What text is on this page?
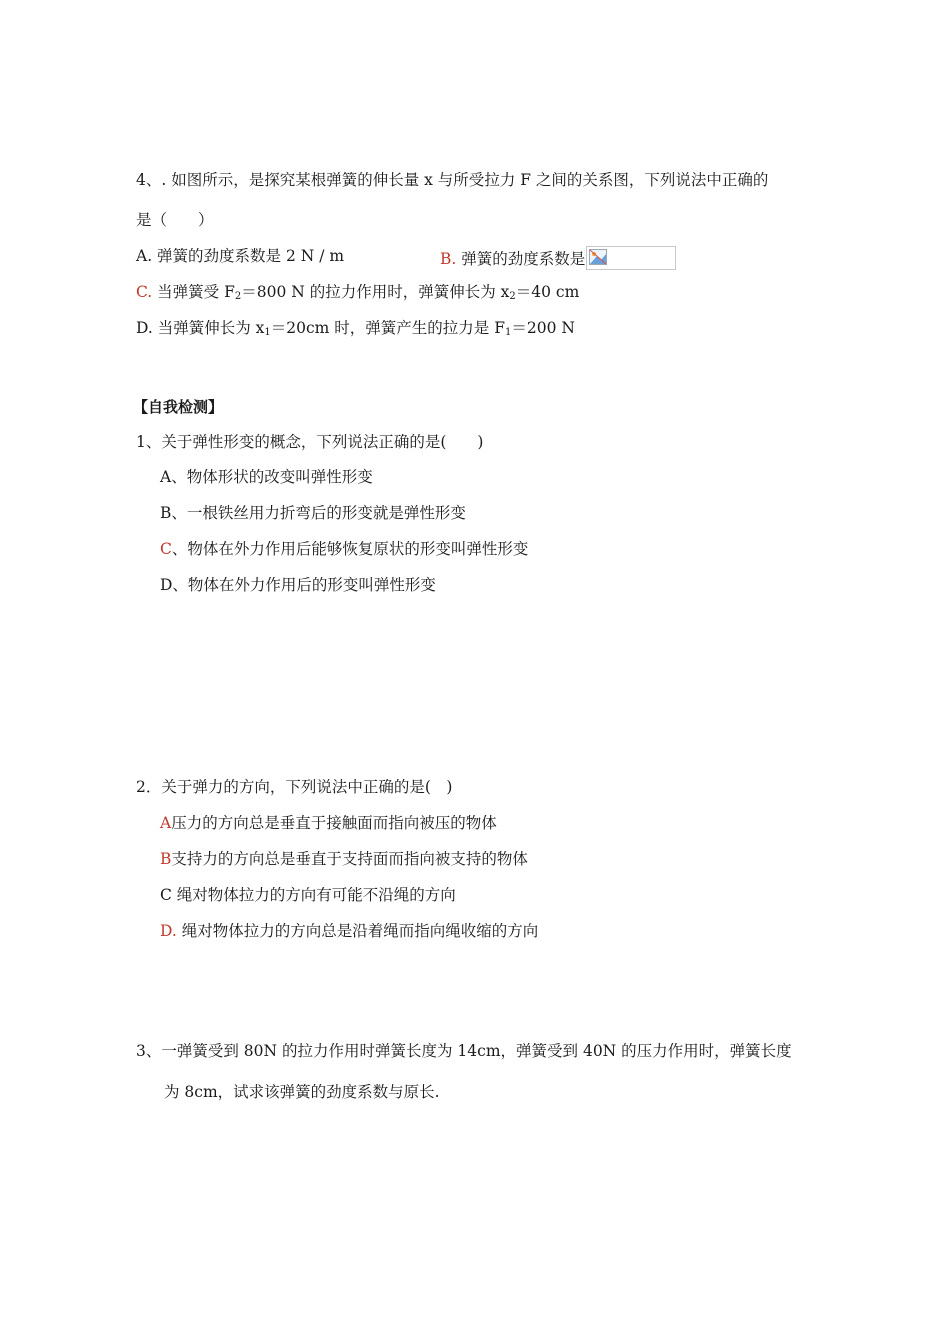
4、. 如图所示，是探究某根弹簧的伸长量 x 与所受拉力 F 之间的关系图，下列说法中正确的
是（　　）
A. 弹簧的劲度系数是 2 N / m	B. 弹簧的劲度系数是
C. 当弹簧受 $F_2=800$ N 的拉力作用时，弹簧伸长为 $x_2=40$ cm
D. 当弹簧伸长为 $x_1=20cm$ 时，弹簧产生的拉力是 $F_1=200$ N
【自我检测】
1、关于弹性形变的概念，下列说法正确的是(　　)
A、物体形状的改变叫弹性形变
B、一根铁丝用力折弯后的形变就是弹性形变
C、物体在外力作用后能够恢复原状的形变叫弹性形变
D、物体在外力作用后的形变叫弹性形变
2．关于弹力的方向，下列说法中正确的是(　)
A压力的方向总是垂直于接触面而指向被压的物体
B支持力的方向总是垂直于支持面而指向被支持的物体
C 绳对物体拉力的方向有可能不沿绳的方向
D. 绳对物体拉力的方向总是沿着绳而指向绳收缩的方向
3、一弹簧受到 80N 的拉力作用时弹簧长度为 14cm，弹簧受到 40N 的压力作用时，弹簧长度
为 8cm，试求该弹簧的劲度系数与原长.
